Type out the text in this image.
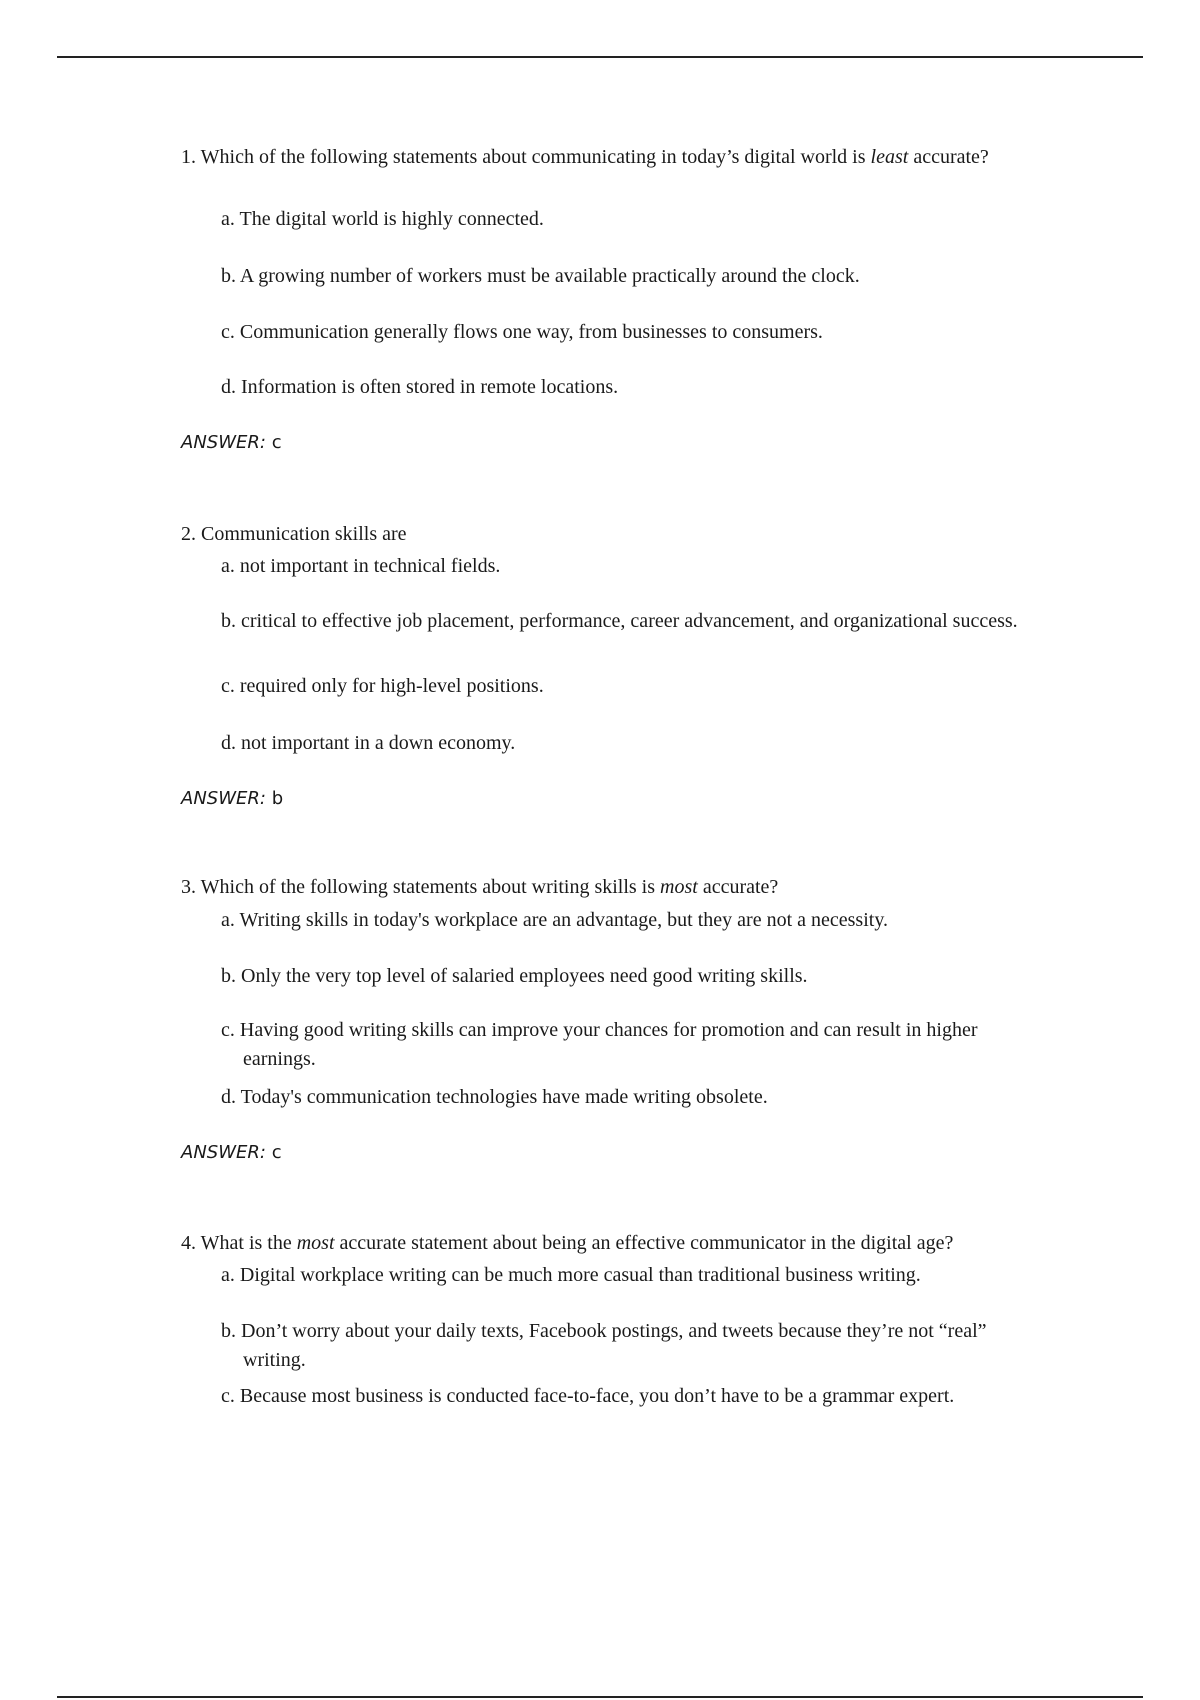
1. Which of the following statements about communicating in today’s digital world is least accurate?

a. The digital world is highly connected.

b. A growing number of workers must be available practically around the clock.

c. Communication generally flows one way, from businesses to consumers.

d. Information is often stored in remote locations.

ANSWER: c

2. Communication skills are

a. not important in technical fields.

b. critical to effective job placement, performance, career advancement, and organizational success.

c. required only for high-level positions.

d. not important in a down economy.

ANSWER: b

3. Which of the following statements about writing skills is most accurate?

a. Writing skills in today's workplace are an advantage, but they are not a necessity.

b. Only the very top level of salaried employees need good writing skills.

c. Having good writing skills can improve your chances for promotion and can result in higher earnings.

d. Today's communication technologies have made writing obsolete.

ANSWER: c

4. What is the most accurate statement about being an effective communicator in the digital age?

a. Digital workplace writing can be much more casual than traditional business writing.

b. Don’t worry about your daily texts, Facebook postings, and tweets because they’re not “real” writing.

c. Because most business is conducted face-to-face, you don’t have to be a grammar expert.
